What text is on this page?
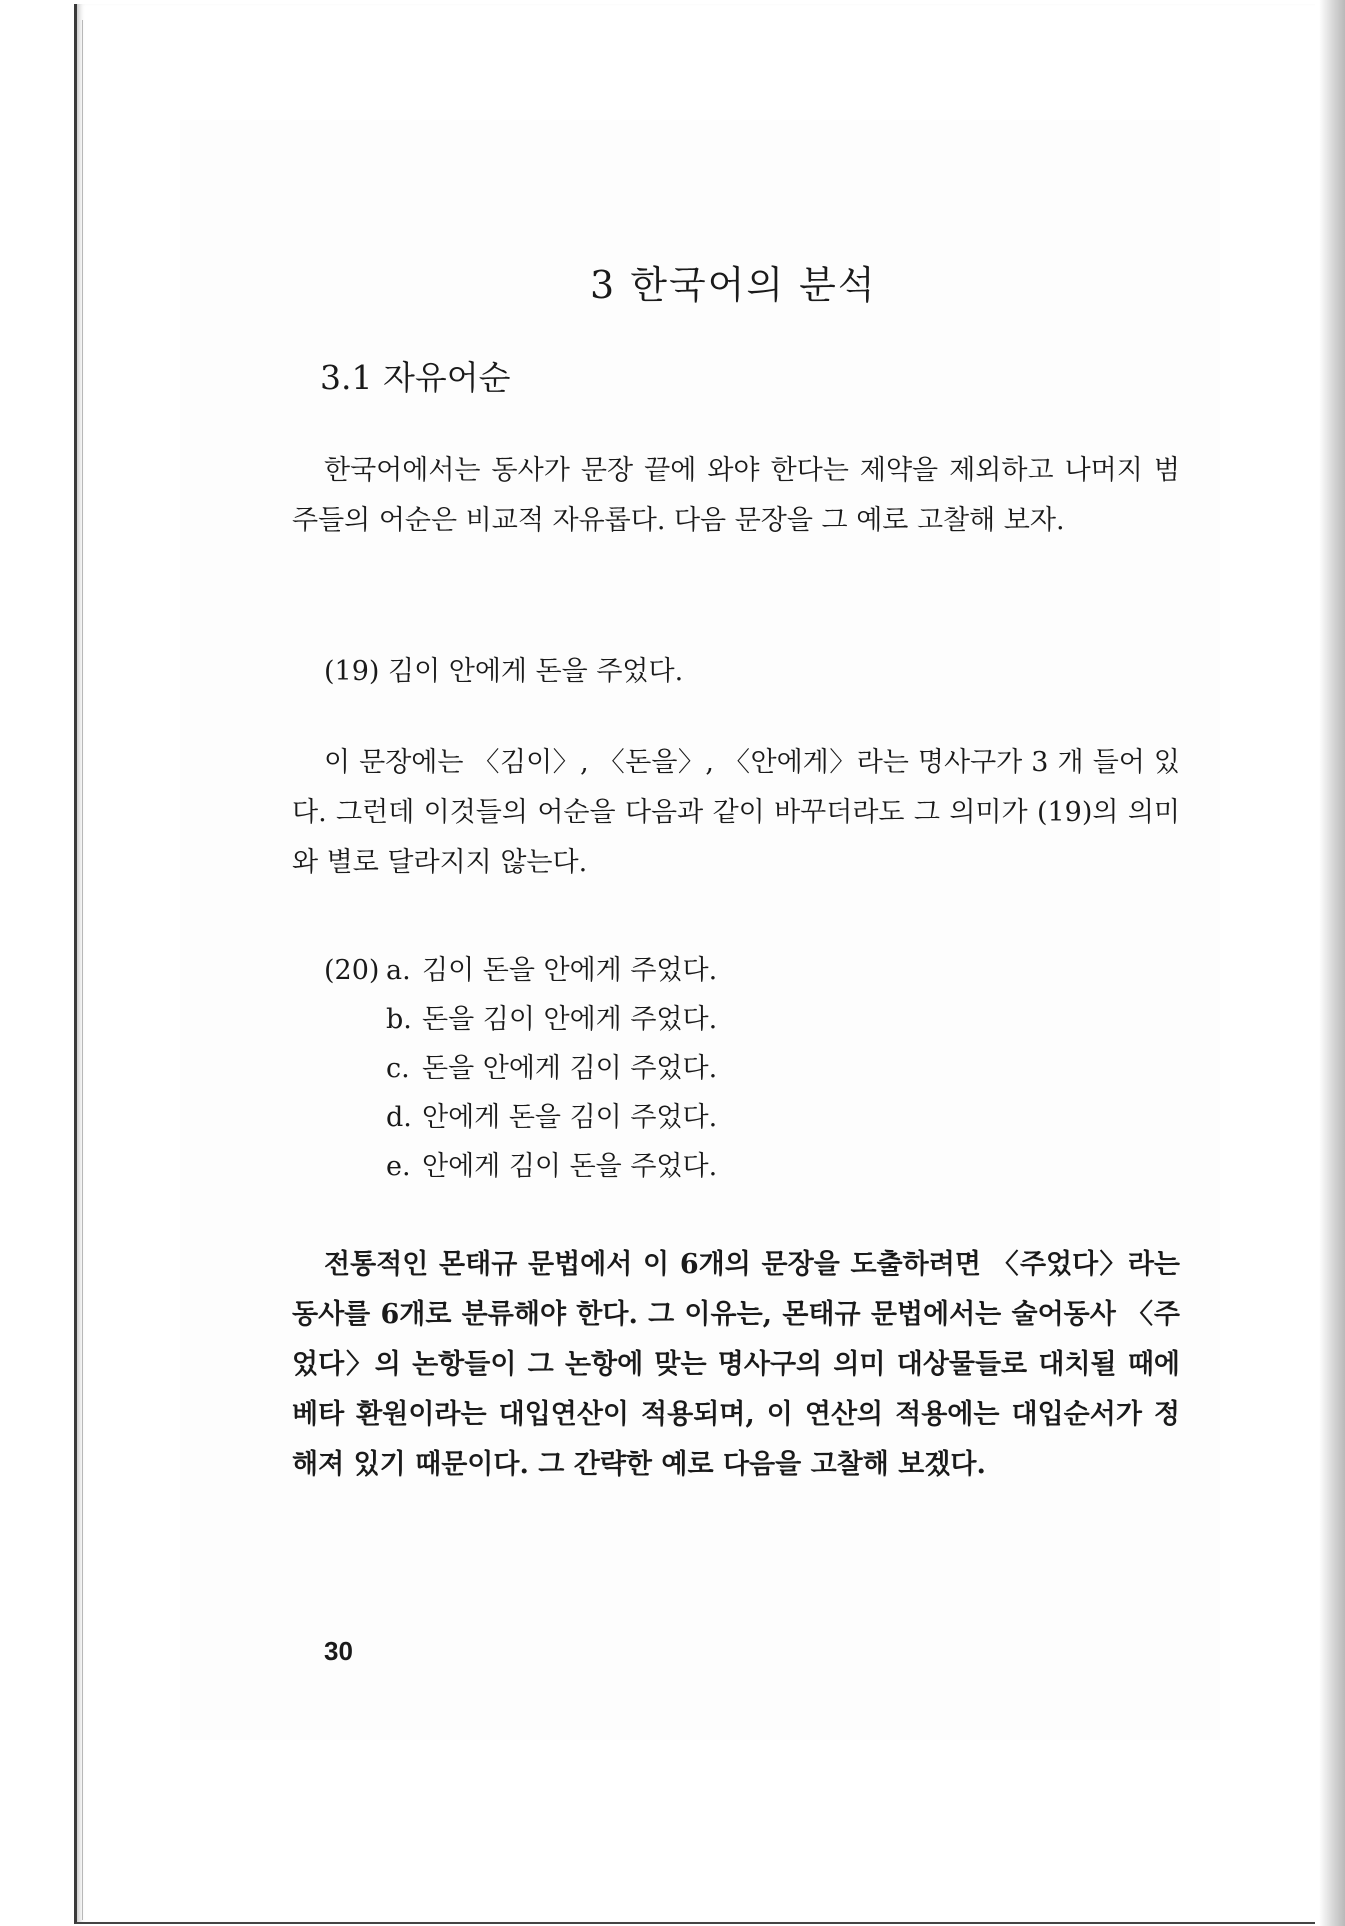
3 한국어의 분석
3.1 자유어순

한국어에서는 동사가 문장 끝에 와야 한다는 제약을 제외하고 나머지 범주들의 어순은 비교적 자유롭다. 다음 문장을 그 예로 고찰해 보자.

(19) 김이 안에게 돈을 주었다.

이 문장에는 〈김이〉, 〈돈을〉, 〈안에게〉라는 명사구가 3 개 들어 있다. 그런데 이것들의 어순을 다음과 같이 바꾸더라도 그 의미가 (19)의 의미와 별로 달라지지 않는다.

(20) a. 김이 돈을 안에게 주었다.
b. 돈을 김이 안에게 주었다.
c. 돈을 안에게 김이 주었다.
d. 안에게 돈을 김이 주었다.
e. 안에게 김이 돈을 주었다.

전통적인 몬태규 문법에서 이 6개의 문장을 도출하려면 〈주었다〉라는 동사를 6개로 분류해야 한다. 그 이유는, 몬태규 문법에서는 술어동사 〈주었다〉의 논항들이 그 논항에 맞는 명사구의 의미 대상물들로 대치될 때에 베타 환원이라는 대입연산이 적용되며, 이 연산의 적용에는 대입순서가 정해져 있기 때문이다. 그 간략한 예로 다음을 고찰해 보겠다.

30
